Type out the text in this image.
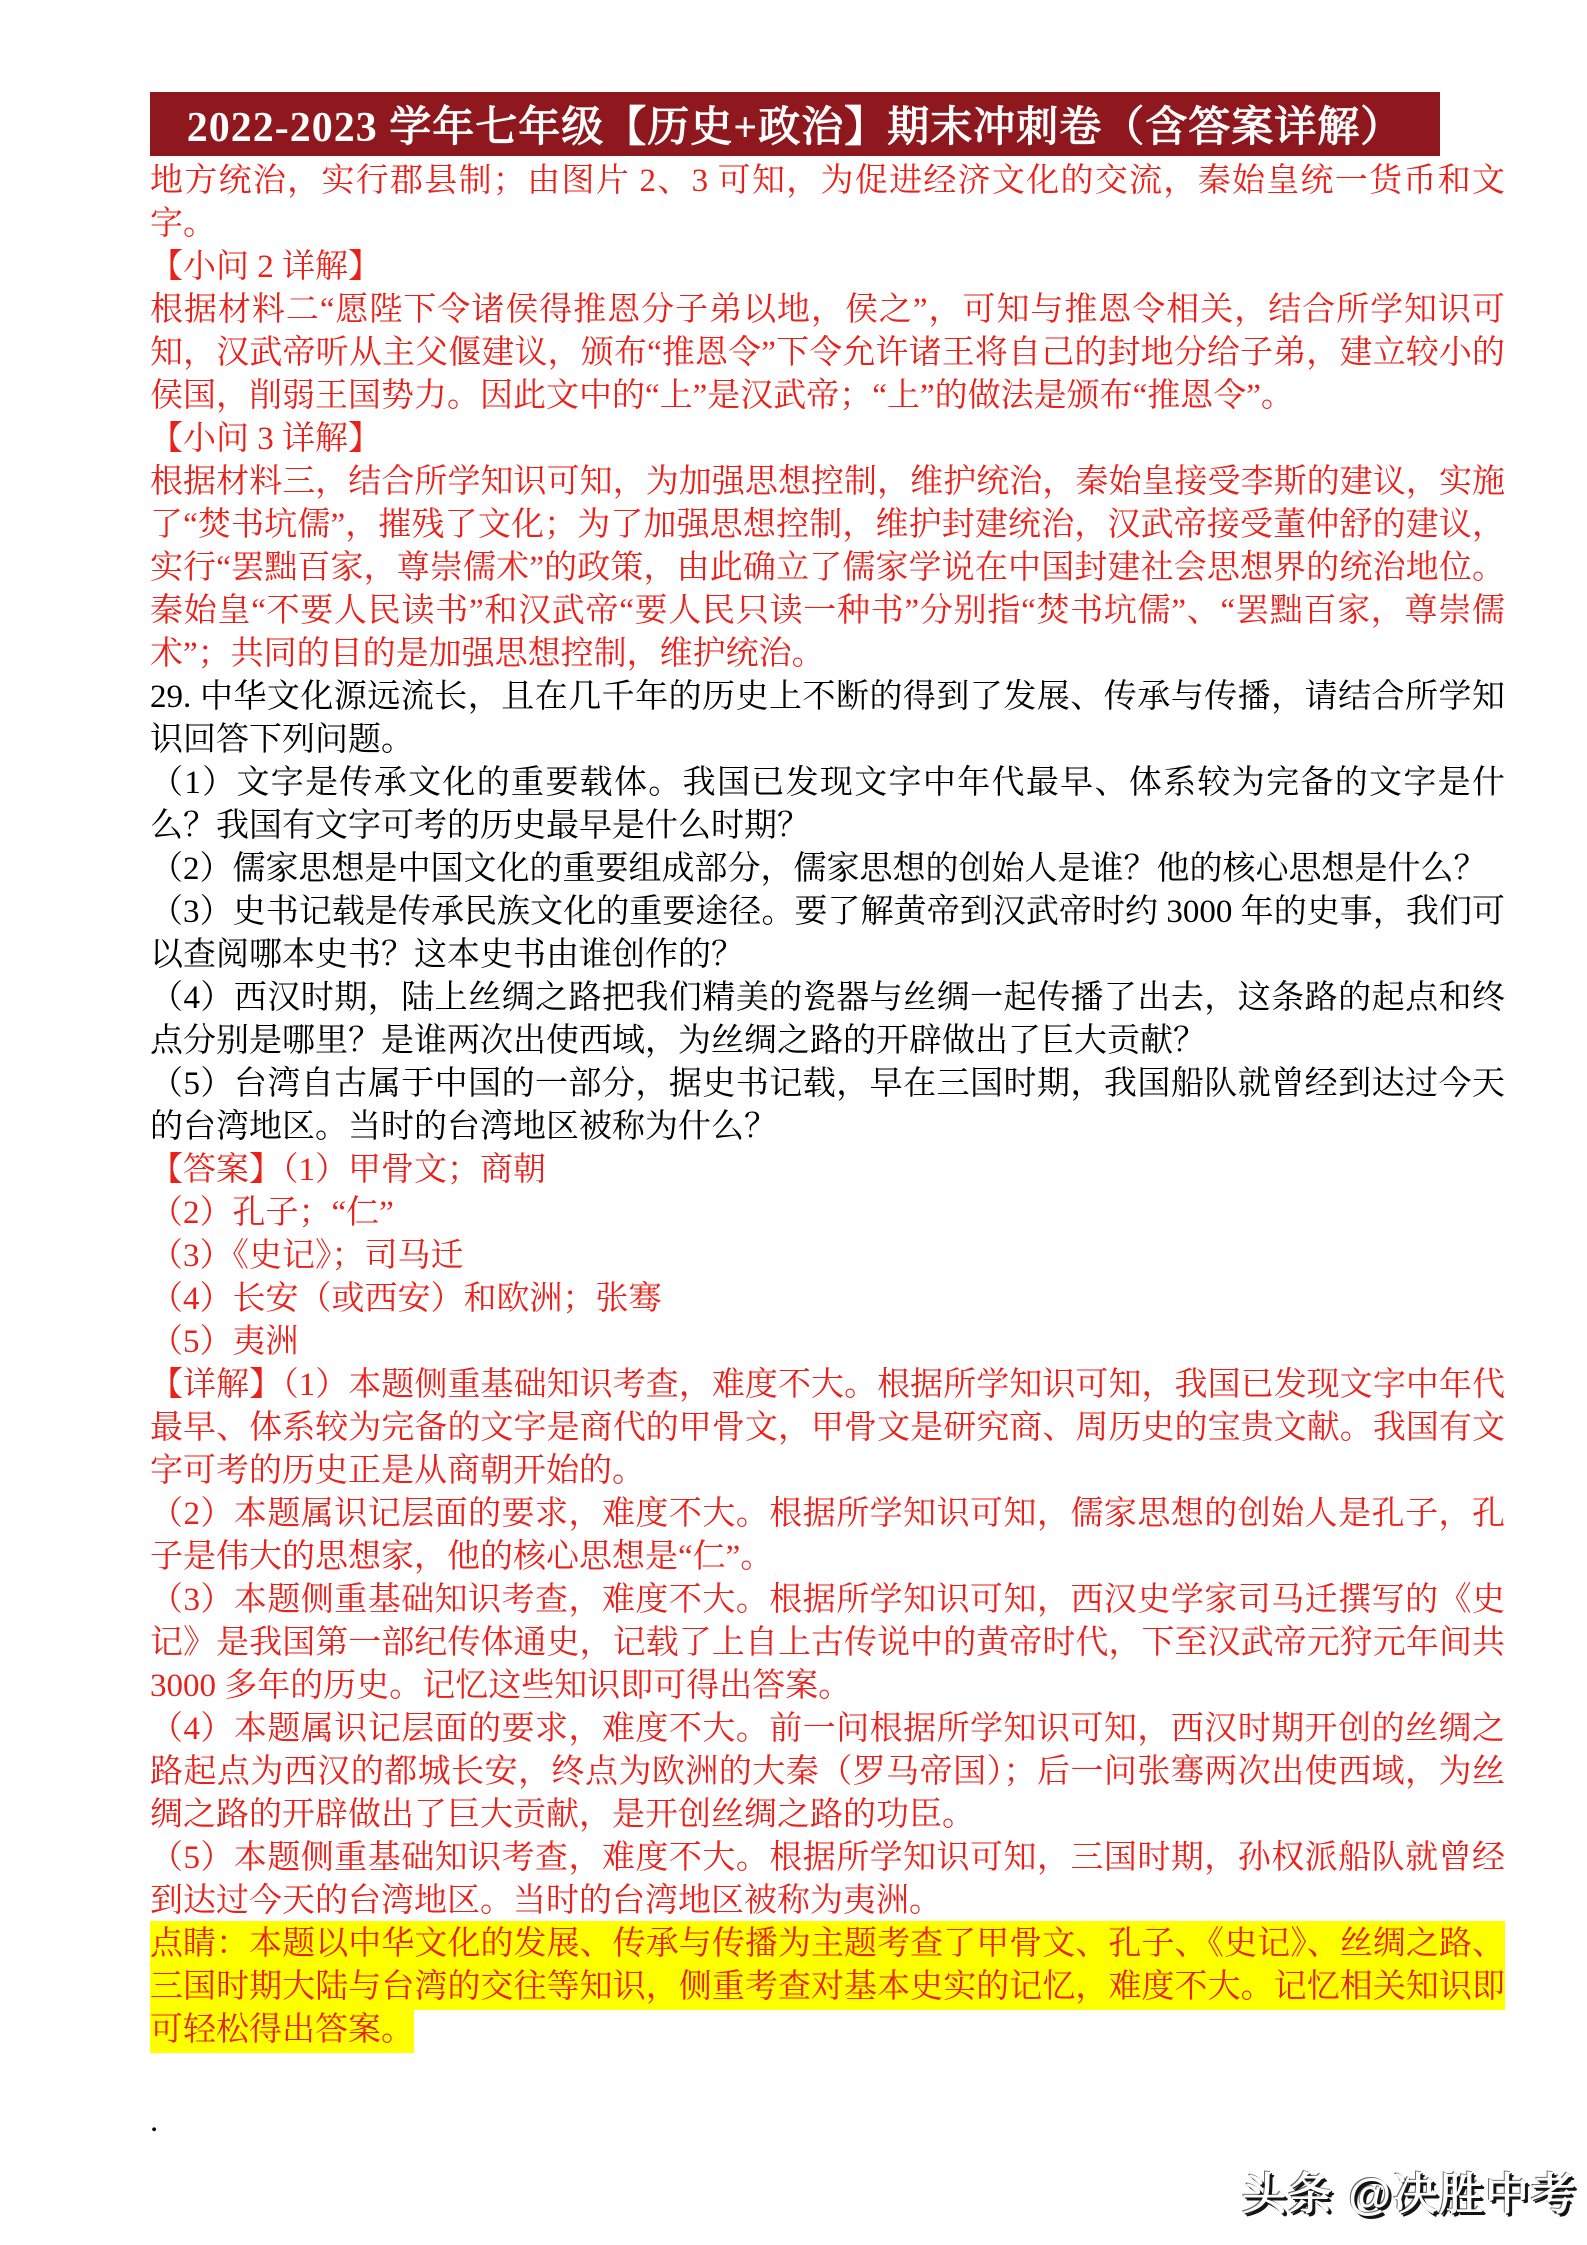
2022-2023 学年七年级【历史+政治】期末冲刺卷（含答案详解）

地方统治，实行郡县制；由图片 2、3 可知，为促进经济文化的交流，秦始皇统一货币和文字。

【小问 2 详解】

根据材料二“愿陛下令诸侯得推恩分子弟以地，侯之”，可知与推恩令相关，结合所学知识可知，汉武帝听从主父偃建议，颁布“推恩令”下令允许诸王将自己的封地分给子弟，建立较小的侯国，削弱王国势力。因此文中的“上”是汉武帝；“上”的做法是颁布“推恩令”。

【小问 3 详解】

根据材料三，结合所学知识可知，为加强思想控制，维护统治，秦始皇接受李斯的建议，实施了“焚书坑儒”，摧残了文化；为了加强思想控制，维护封建统治，汉武帝接受董仲舒的建议，实行“罢黜百家，尊崇儒术”的政策，由此确立了儒家学说在中国封建社会思想界的统治地位。秦始皇“不要人民读书”和汉武帝“要人民只读一种书”分别指“焚书坑儒”、“罢黜百家，尊崇儒术”；共同的目的是加强思想控制，维护统治。

29. 中华文化源远流长，且在几千年的历史上不断的得到了发展、传承与传播，请结合所学知识回答下列问题。

（1）文字是传承文化的重要载体。我国已发现文字中年代最早、体系较为完备的文字是什么？我国有文字可考的历史最早是什么时期？

（2）儒家思想是中国文化的重要组成部分，儒家思想的创始人是谁？他的核心思想是什么？

（3）史书记载是传承民族文化的重要途径。要了解黄帝到汉武帝时约 3000 年的史事，我们可以查阅哪本史书？这本史书由谁创作的？

（4）西汉时期，陆上丝绸之路把我们精美的瓷器与丝绸一起传播了出去，这条路的起点和终点分别是哪里？是谁两次出使西域，为丝绸之路的开辟做出了巨大贡献？

（5）台湾自古属于中国的一部分，据史书记载，早在三国时期，我国船队就曾经到达过今天的台湾地区。当时的台湾地区被称为什么？

【答案】（1）甲骨文；商朝

（2）孔子；“仁”

（3）《史记》；司马迁

（4）长安（或西安）和欧洲；张骞

（5）夷洲

【详解】（1）本题侧重基础知识考查，难度不大。根据所学知识可知，我国已发现文字中年代最早、体系较为完备的文字是商代的甲骨文，甲骨文是研究商、周历史的宝贵文献。我国有文字可考的历史正是从商朝开始的。

（2）本题属识记层面的要求，难度不大。根据所学知识可知，儒家思想的创始人是孔子，孔子是伟大的思想家，他的核心思想是“仁”。

（3）本题侧重基础知识考查，难度不大。根据所学知识可知，西汉史学家司马迁撰写的《史记》是我国第一部纪传体通史，记载了上自上古传说中的黄帝时代，下至汉武帝元狩元年间共 3000 多年的历史。记忆这些知识即可得出答案。

（4）本题属识记层面的要求，难度不大。前一问根据所学知识可知，西汉时期开创的丝绸之路起点为西汉的都城长安，终点为欧洲的大秦（罗马帝国）；后一问张骞两次出使西域，为丝绸之路的开辟做出了巨大贡献，是开创丝绸之路的功臣。

（5）本题侧重基础知识考查，难度不大。根据所学知识可知，三国时期，孙权派船队就曾经到达过今天的台湾地区。当时的台湾地区被称为夷洲。

点睛：本题以中华文化的发展、传承与传播为主题考查了甲骨文、孔子、《史记》、丝绸之路、三国时期大陆与台湾的交往等知识，侧重考查对基本史实的记忆，难度不大。记忆相关知识即可轻松得出答案。

.
头条 @决胜中考
